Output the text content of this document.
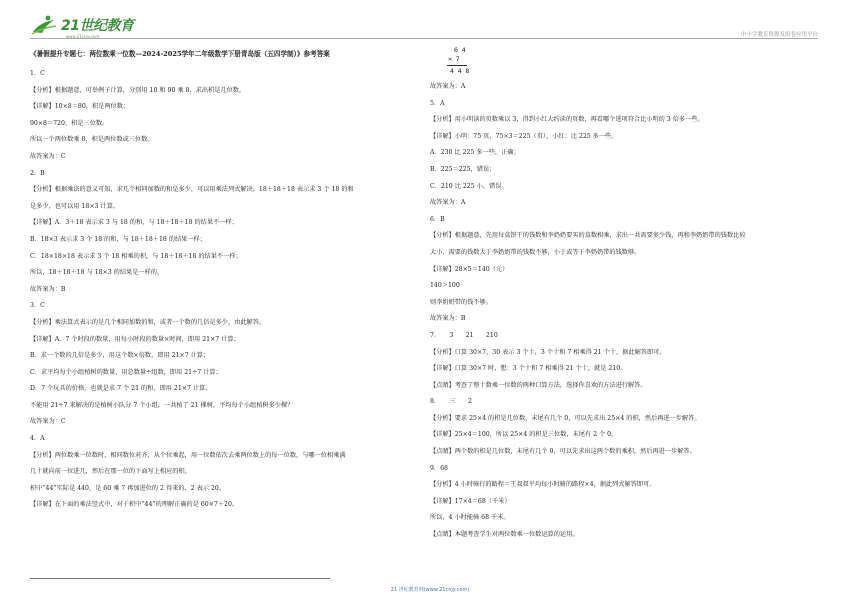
21世纪教育
www.21cnjy.com	中小学教育资源及组卷应用平台
《暑假提升专题七：两位数乘一位数—2024-2025学年二年级数学下册青岛版（五四学制）》参考答案
1．C
【分析】根据题意，可举例子计算，分别用 10 和 90 乘 8，求出积是几位数。
【详解】10×8＝80，积是两位数；
90×8＝720，积是三位数。
所以一个两位数乘 8，积是两位数或三位数。
故答案为：C
2．B
【分析】根据乘法的意义可知，求几个相同加数的和是多少，可以用乘法列式解决。18＋18＋18 表示求 3 个 18 的和
是多少，也可以用 18×3 计算。
【详解】A．3＋18 表示求 3 与 18 的和，与 18＋18＋18 的结果不一样；
B．18×3 表示求 3 个 18 的和，与 18＋18＋18 的结果一样；
C．18×18×18 表示求 3 个 18 相乘的积，与 18＋18＋18 的结果不一样；
所以，18＋18＋18 与 18×3 的结果是一样的。
故答案为：B
3．C
【分析】乘法算式表示的是几个相同加数的和，或者一个数的几倍是多少，由此解答。
【详解】A．7 个时段的数量，用每小时段的数量×时间，即用 21×7 计算；
B．求一个数的几倍是多少，用这个数×倍数，即用 21×7 计算；
C．求平均每个小组植树的数量，用总数量÷组数，即用 21÷7 计算；
D．7 个玩具的价格，也就是求 7 个 21 的和，即用 21×7 计算。
不能用 21÷7 来解决的是植树小队分 7 个小组，一共植了 21 棵树，平均每个小组植树多少棵？
故答案为：C
4．A
【分析】两位数乘一位数时，相同数位对齐，从个位乘起，用一位数依次去乘两位数上的每一位数，与哪一位相乘满
几十就向前一位进几，然后在那一位的下面写上相应的积。
积中“44”实际是 440，是 60 乘 7 再加进位的 2 得来的，2 表示 20。
【详解】在下面的乘法竖式中，对于积中“44”的理解正确的是 60×7＋20。
6 4
× 7
4 4 8
故答案为：A
5．A
【分析】用小明读的页数乘以 3，得到小红大约读的页数，再看哪个选项符合比小明的 3 倍多一些。
【详解】小明：75 页，75×3＝225（页），小红：比 225 多一些。
A．230 比 225 多一些，正确；
B．225＝225，错误；
C．210 比 225 小，错误。
故答案为：A
6．B
【分析】根据题意，先用每盒饼干的钱数和李奶奶要买的盒数相乘，求出一共需要多少钱，再和李奶奶带的钱数比较
大小，需要的钱数大于李奶奶带的钱数不够，小于或等于李奶奶带的钱数够。
【详解】28×5＝140（元）
140＞100
则李奶奶带的钱不够。
故答案为：B
7．　　3　　21　　210
【分析】口算 30×7，30 表示 3 个十，3 个十和 7 相乘得 21 个十，据此解答即可。
【详解】口算 30×7 时，想：3 个十和 7 相乘得 21 个十，就是 210。
【点睛】考查了整十数乘一位数的两种口算方法，选择你喜欢的方法进行解答。
8．　　三　　2
【分析】要求 25×4 的积是几位数，末尾有几个 0，可以先求出 25×4 的积，然后再进一步解答。
【详解】25×4＝100，所以 25×4 的积是三位数，末尾有 2 个 0。
【点睛】两个数的积是几位数，末尾有几个 0，可以先求出这两个数的乘积，然后再进一步解答。
9．68
【分析】4 小时骑行的路程＝王叔叔平均每小时骑的路程×4，据此列式解答即可。
【详解】17×4＝68（千米）
所以，4 小时能骑 68 千米。
【点睛】本题考查学生对两位数乘一位数运算的运用。
21 世纪教育网(www.21cnjy.com)
